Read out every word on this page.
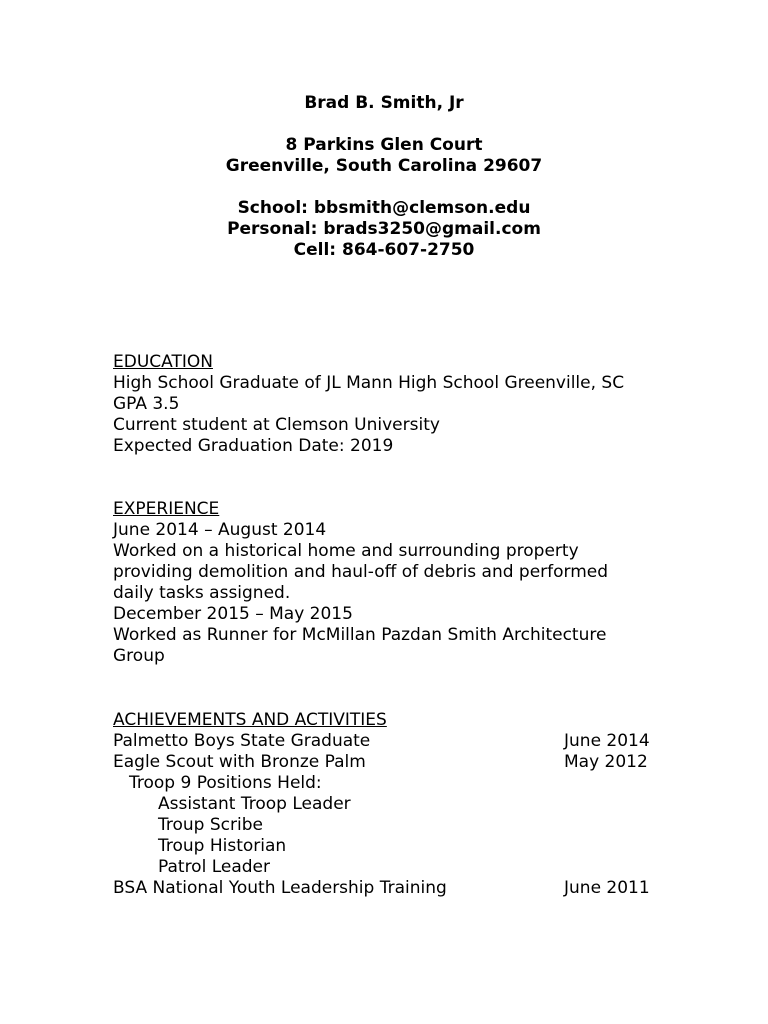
Brad B. Smith, Jr
8 Parkins Glen Court
Greenville, South Carolina 29607
School: bbsmith@clemson.edu
Personal: brads3250@gmail.com
Cell: 864-607-2750
EDUCATION
High School Graduate of JL Mann High School Greenville, SC
GPA 3.5
Current student at Clemson University
Expected Graduation Date: 2019
EXPERIENCE
June 2014 – August 2014
Worked on a historical home and surrounding property
providing demolition and haul-off of debris and performed
daily tasks assigned.
December 2015 – May 2015
Worked as Runner for McMillan Pazdan Smith Architecture
Group
ACHIEVEMENTS AND ACTIVITIES
Palmetto Boys State Graduate	June 2014
Eagle Scout with Bronze Palm	May 2012
Troop 9 Positions Held:
Assistant Troop Leader
Troup Scribe
Troup Historian
Patrol Leader
BSA National Youth Leadership Training	June 2011
